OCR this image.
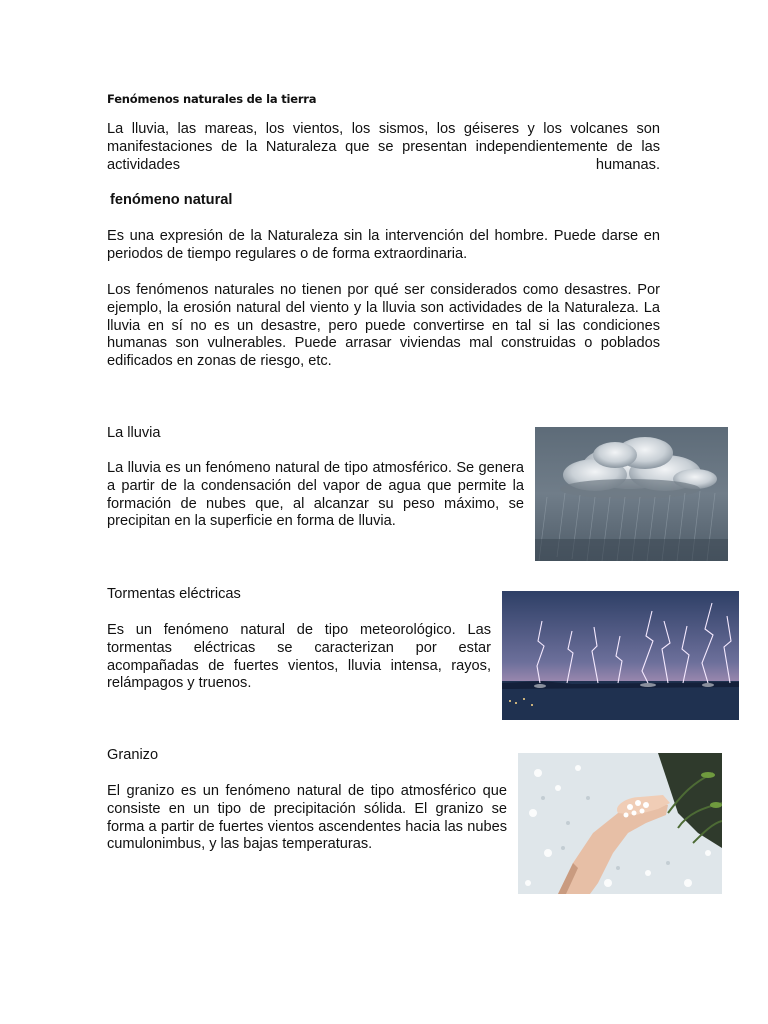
Fenómenos naturales de la tierra

La lluvia, las mareas, los vientos, los sismos, los géiseres y los volcanes son manifestaciones de la Naturaleza que se presentan independientemente de las actividades humanas.

fenómeno natural

Es una expresión de la Naturaleza sin la intervención del hombre. Puede darse en periodos de tiempo regulares o de forma extraordinaria.

Los fenómenos naturales no tienen por qué ser considerados como desastres. Por ejemplo, la erosión natural del viento y la lluvia son actividades de la Naturaleza. La lluvia en sí no es un desastre, pero puede convertirse en tal si las condiciones humanas son vulnerables. Puede arrasar viviendas mal construidas o poblados edificados en zonas de riesgo, etc.

La lluvia

La lluvia es un fenómeno natural de tipo atmosférico. Se genera a partir de la condensación del vapor de agua que permite la formación de nubes que, al alcanzar su peso máximo, se precipitan en la superficie en forma de lluvia.

Tormentas eléctricas

Es un fenómeno natural de tipo meteorológico. Las tormentas eléctricas se caracterizan por estar acompañadas de fuertes vientos, lluvia intensa, rayos, relámpagos y truenos.

Granizo

El granizo es un fenómeno natural de tipo atmosférico que consiste en un tipo de precipitación sólida. El granizo se forma a partir de fuertes vientos ascendentes hacia las nubes cumulonimbus, y las bajas temperaturas.
